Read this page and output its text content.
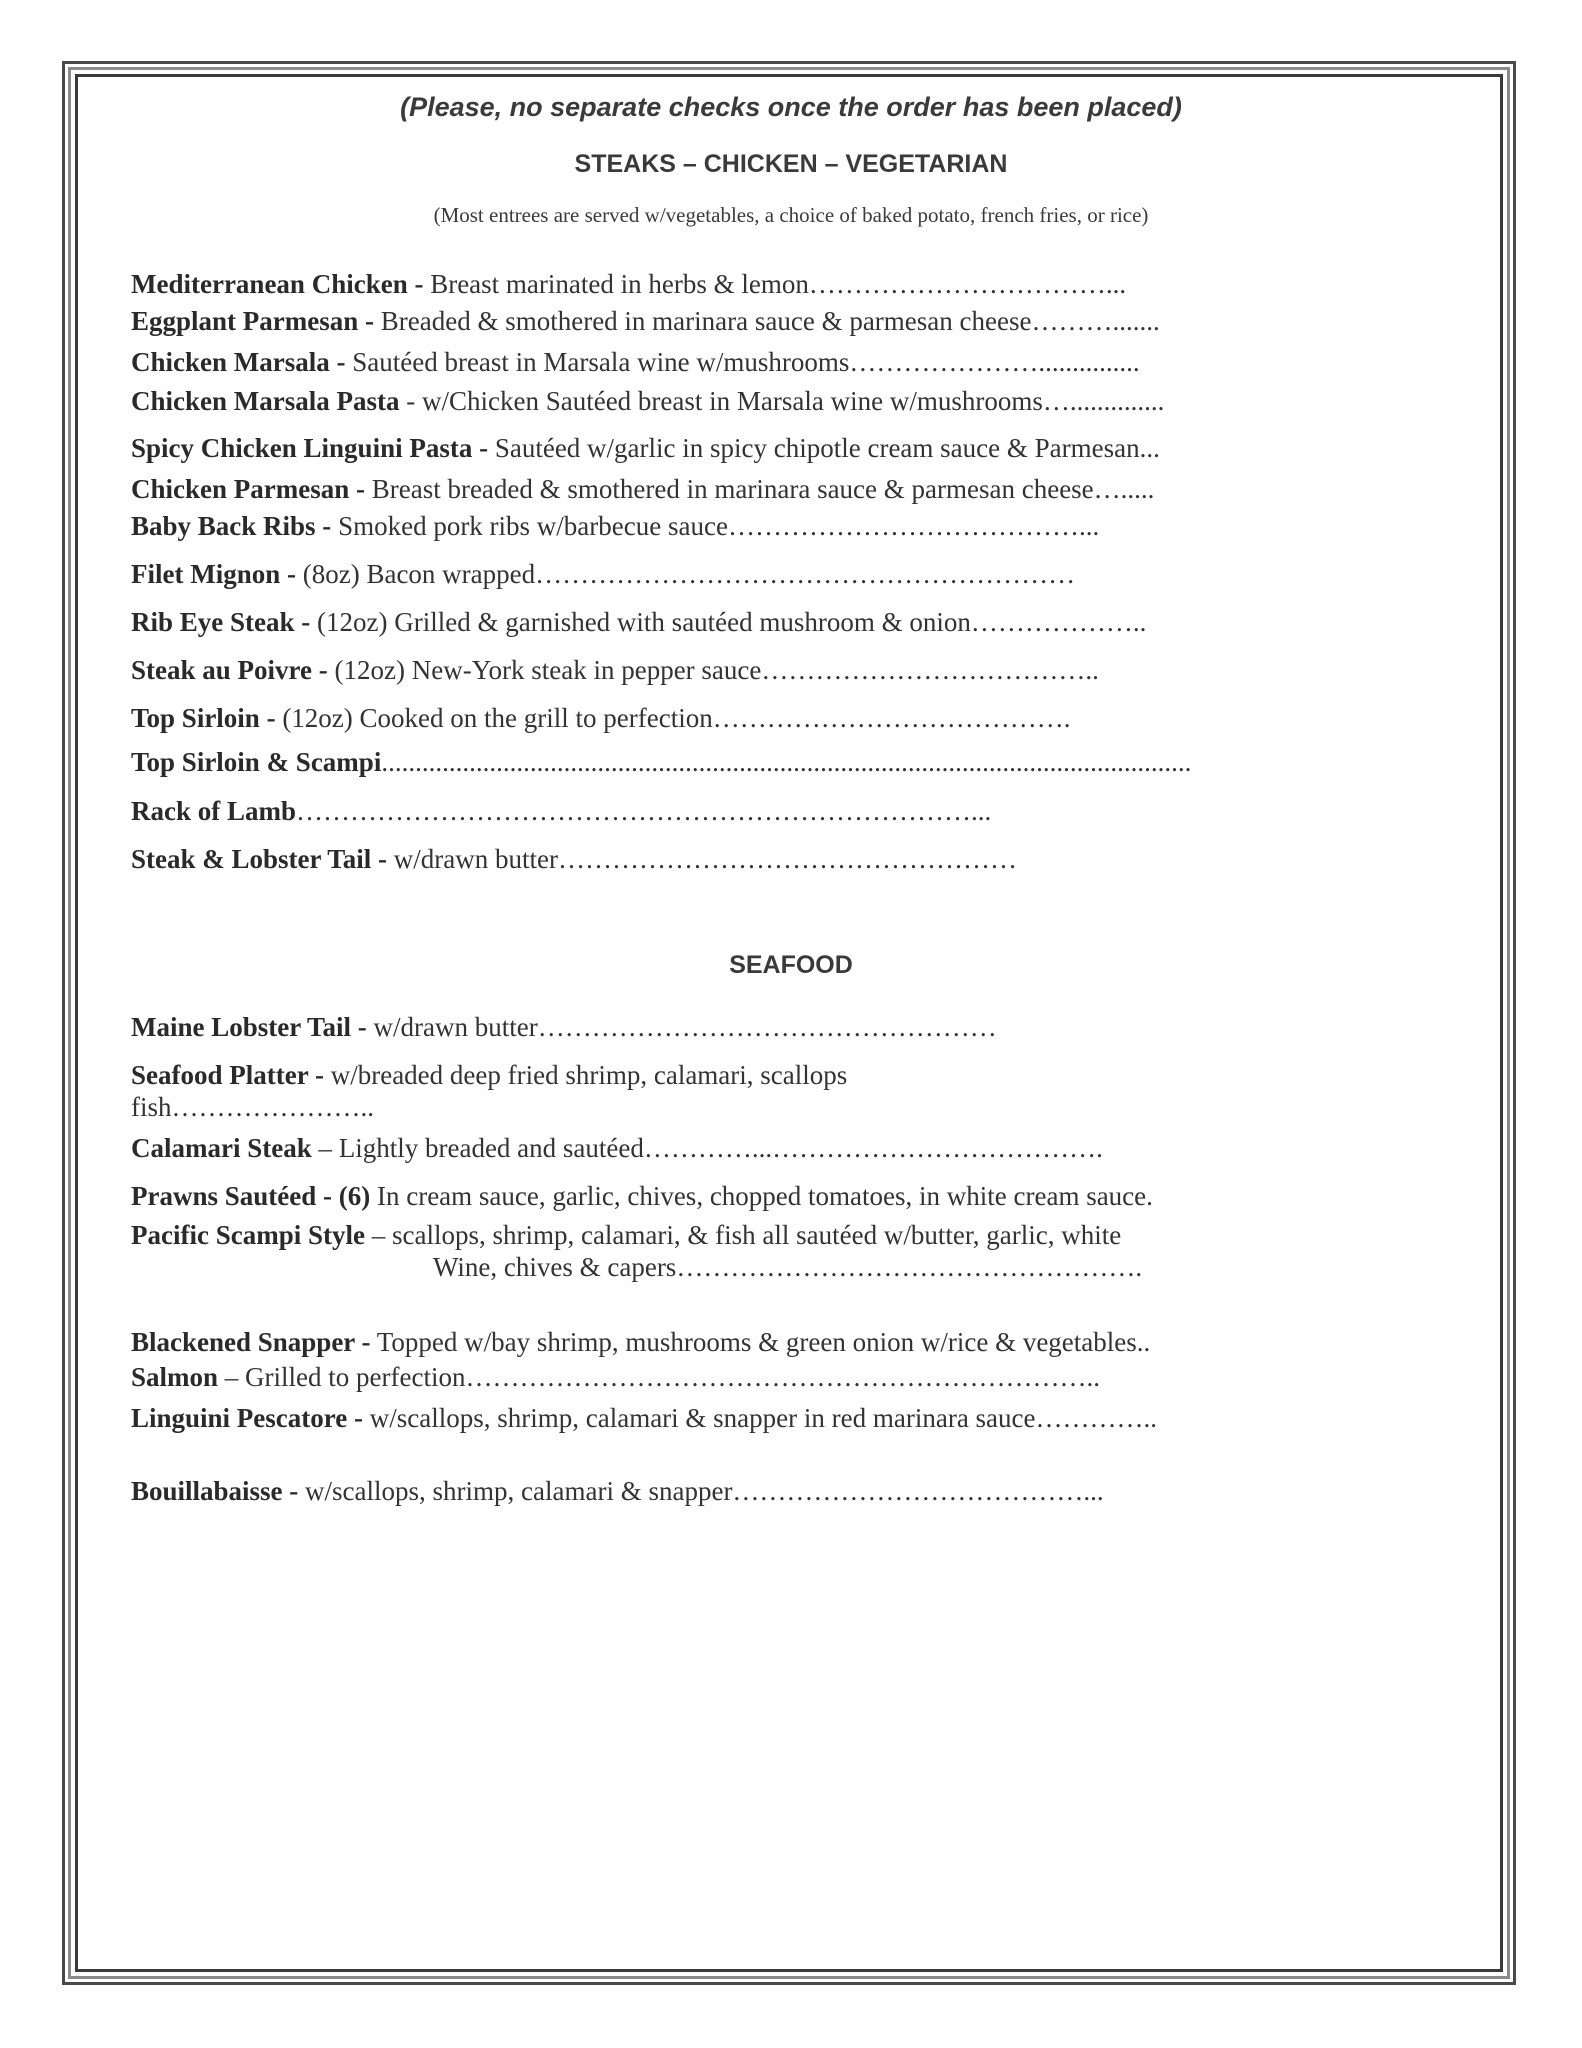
(Please, no separate checks once the order has been placed)
STEAKS – CHICKEN – VEGETARIAN
(Most entrees are served w/vegetables, a choice of baked potato, french fries, or rice)
Mediterranean Chicken - Breast marinated in herbs & lemon……………………………...
Eggplant Parmesan - Breaded & smothered in marinara sauce & parmesan cheese……….......
Chicken Marsala - Sautéed breast in Marsala wine w/mushrooms…………………...............
Chicken Marsala Pasta - w/Chicken Sautéed breast in Marsala wine w/mushrooms…..............
Spicy Chicken Linguini Pasta - Sautéed w/garlic in spicy chipotle cream sauce & Parmesan...
Chicken Parmesan - Breast breaded & smothered in marinara sauce & parmesan cheese….....
Baby Back Ribs - Smoked pork ribs w/barbecue sauce…………………………………...
Filet Mignon - (8oz) Bacon wrapped……………………………………………………
Rib Eye Steak - (12oz) Grilled & garnished with sautéed mushroom & onion………………..
Steak au Poivre - (12oz) New-York steak in pepper sauce………………………………..
Top Sirloin - (12oz) Cooked on the grill to perfection………………………………….
Top Sirloin & Scampi........................................................................................................................
Rack of Lamb…………………………………………………………………...
Steak & Lobster Tail - w/drawn butter……………………………………………
SEAFOOD
Maine Lobster Tail - w/drawn butter……………………………………………
Seafood Platter - w/breaded deep fried shrimp, calamari, scallops
fish…………………..
Calamari Steak – Lightly breaded and sautéed…………...……………………………….
Prawns Sautéed - (6) In cream sauce, garlic, chives, chopped tomatoes, in white cream sauce.
Pacific Scampi Style – scallops, shrimp, calamari, & fish all sautéed w/butter, garlic, white
Wine, chives & capers…………………………………………….
Blackened Snapper - Topped w/bay shrimp, mushrooms & green onion w/rice & vegetables..
Salmon – Grilled to perfection……………………………………………………………..
Linguini Pescatore - w/scallops, shrimp, calamari & snapper in red marinara sauce…………..
Bouillabaisse - w/scallops, shrimp, calamari & snapper…………………………………...
